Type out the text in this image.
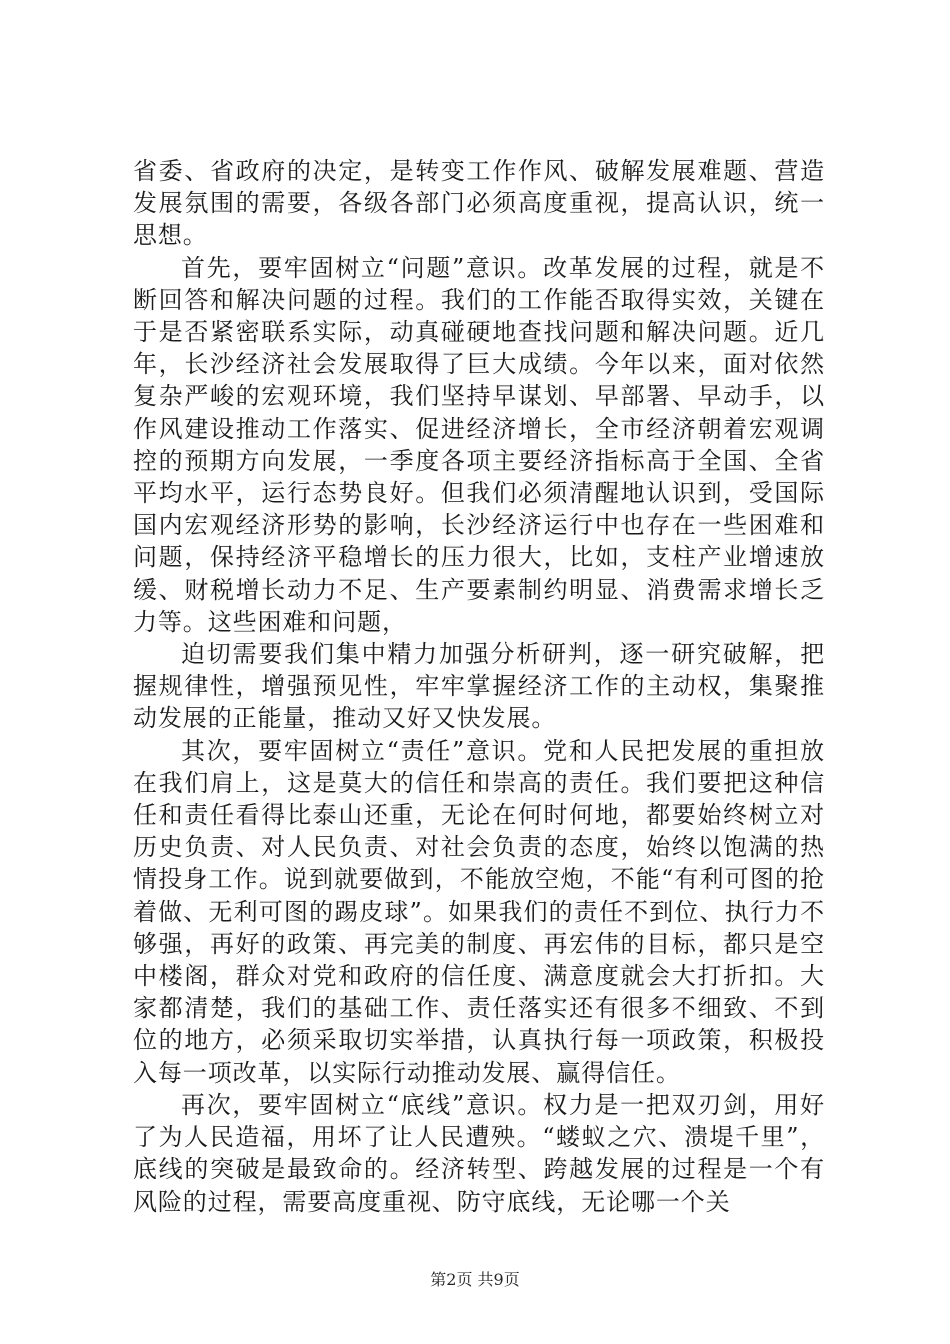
省委、省政府的决定，是转变工作作风、破解发展难题、营造发展氛围的需要，各级各部门必须高度重视，提高认识，统一思想。

首先，要牢固树立“问题”意识。改革发展的过程，就是不断回答和解决问题的过程。我们的工作能否取得实效，关键在于是否紧密联系实际，动真碰硬地查找问题和解决问题。近几年，长沙经济社会发展取得了巨大成绩。今年以来，面对依然复杂严峻的宏观环境，我们坚持早谋划、早部署、早动手，以作风建设推动工作落实、促进经济增长，全市经济朝着宏观调控的预期方向发展，一季度各项主要经济指标高于全国、全省平均水平，运行态势良好。但我们必须清醒地认识到，受国际国内宏观经济形势的影响，长沙经济运行中也存在一些困难和问题，保持经济平稳增长的压力很大，比如，支柱产业增速放缓、财税增长动力不足、生产要素制约明显、消费需求增长乏力等。这些困难和问题，

迫切需要我们集中精力加强分析研判，逐一研究破解，把握规律性，增强预见性，牢牢掌握经济工作的主动权，集聚推动发展的正能量，推动又好又快发展。

其次，要牢固树立“责任”意识。党和人民把发展的重担放在我们肩上，这是莫大的信任和崇高的责任。我们要把这种信任和责任看得比泰山还重，无论在何时何地，都要始终树立对历史负责、对人民负责、对社会负责的态度，始终以饱满的热情投身工作。说到就要做到，不能放空炮，不能“有利可图的抢着做、无利可图的踢皮球”。如果我们的责任不到位、执行力不够强，再好的政策、再完美的制度、再宏伟的目标，都只是空中楼阁，群众对党和政府的信任度、满意度就会大打折扣。大家都清楚，我们的基础工作、责任落实还有很多不细致、不到位的地方，必须采取切实举措，认真执行每一项政策，积极投入每一项改革，以实际行动推动发展、赢得信任。

再次，要牢固树立“底线”意识。权力是一把双刃剑，用好了为人民造福，用坏了让人民遭殃。“蝼蚁之穴、溃堤千里”，底线的突破是最致命的。经济转型、跨越发展的过程是一个有风险的过程，需要高度重视、防守底线，无论哪一个关

第2页 共9页
